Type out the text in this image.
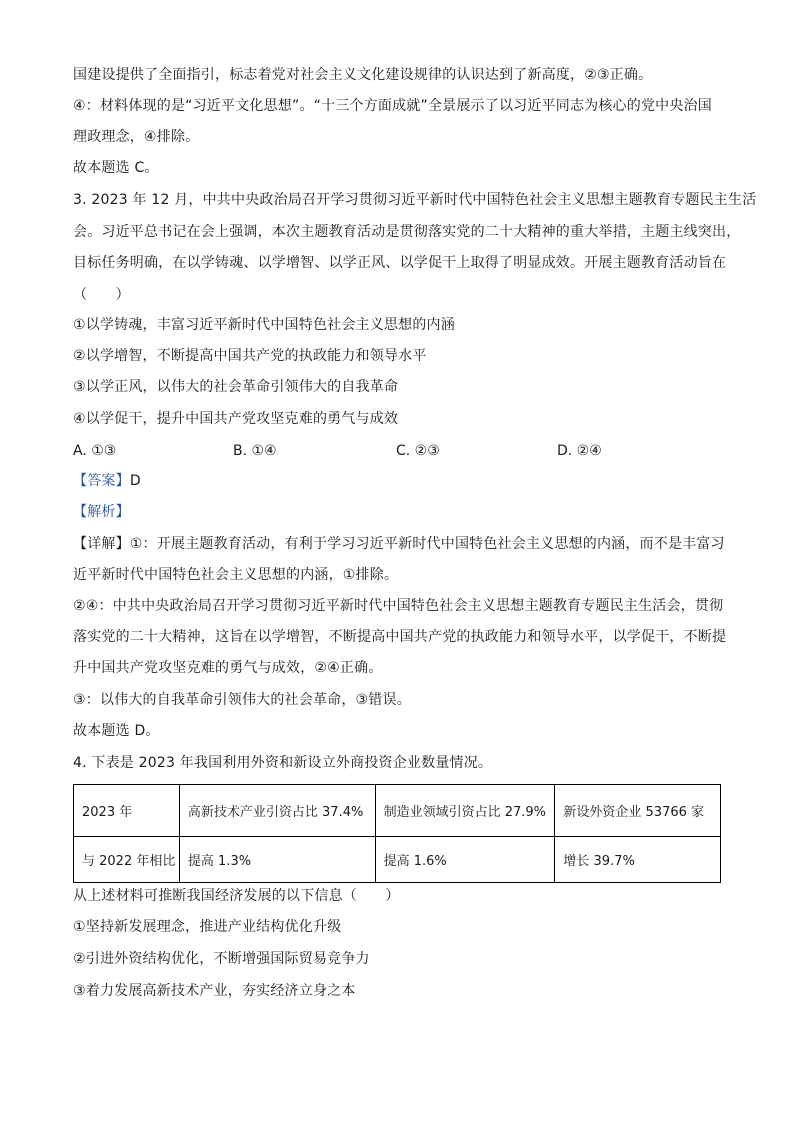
国建设提供了全面指引，标志着党对社会主义文化建设规律的认识达到了新高度，②③正确。
④：材料体现的是“习近平文化思想”。“十三个方面成就”全景展示了以习近平同志为核心的党中央治国
理政理念，④排除。
故本题选 C。
3. 2023 年 12 月，中共中央政治局召开学习贯彻习近平新时代中国特色社会主义思想主题教育专题民主生活
会。习近平总书记在会上强调，本次主题教育活动是贯彻落实党的二十大精神的重大举措，主题主线突出，
目标任务明确，在以学铸魂、以学增智、以学正风、以学促干上取得了明显成效。开展主题教育活动旨在
（　　）
①以学铸魂，丰富习近平新时代中国特色社会主义思想的内涵
②以学增智，不断提高中国共产党的执政能力和领导水平
③以学正风，以伟大的社会革命引领伟大的自我革命
④以学促干，提升中国共产党攻坚克难的勇气与成效
A. ①③	B. ①④	C. ②③	D. ②④
【答案】D
【解析】
【详解】①：开展主题教育活动，有利于学习习近平新时代中国特色社会主义思想的内涵，而不是丰富习
近平新时代中国特色社会主义思想的内涵，①排除。
②④：中共中央政治局召开学习贯彻习近平新时代中国特色社会主义思想主题教育专题民主生活会，贯彻
落实党的二十大精神，这旨在以学增智，不断提高中国共产党的执政能力和领导水平，以学促干，不断提
升中国共产党攻坚克难的勇气与成效，②④正确。
③：以伟大的自我革命引领伟大的社会革命，③错误。
故本题选 D。
4. 下表是 2023 年我国利用外资和新设立外商投资企业数量情况。
2023 年	高新技术产业引资占比 37.4%	制造业领域引资占比 27.9%	新设外资企业 53766 家
与 2022 年相比	提高 1.3%	提高 1.6%	增长 39.7%
从上述材料可推断我国经济发展的以下信息（　　）
①坚持新发展理念，推进产业结构优化升级
②引进外资结构优化，不断增强国际贸易竞争力
③着力发展高新技术产业，夯实经济立身之本
